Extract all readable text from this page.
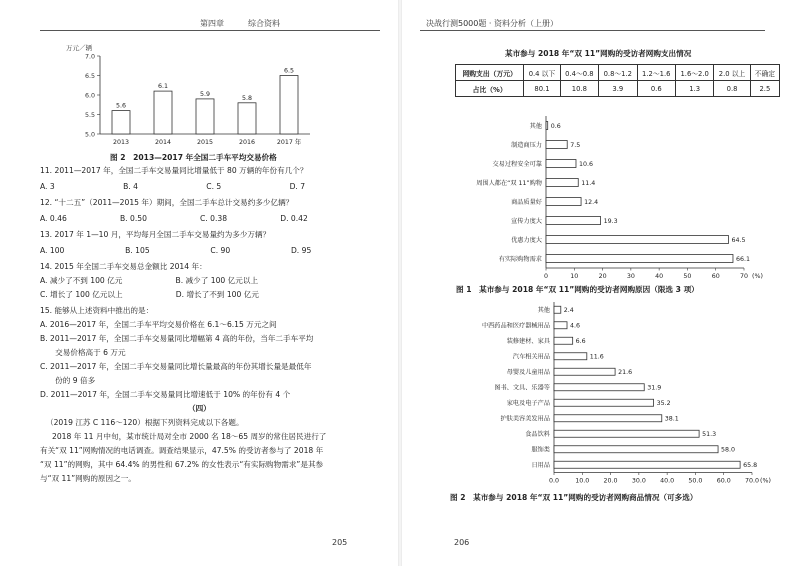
第四章	综合资料
万元／辆
7.0
6.5
6.0
5.5
5.0
5.6
2013
6.1
2014
5.9
2015
5.8
2016
6.5
2017 年
图 2　2013—2017 年全国二手车平均交易价格
11. 2011—2017 年，全国二手车交易量同比增量低于 80 万辆的年份有几个？
A. 3　　　　　　　　　B. 4　　　　　　　　　C. 5　　　　　　　　　D. 7
12. “十二五”（2011—2015 年）期间，全国二手车总计交易约多少亿辆？
A. 0.46　　　　　　　B. 0.50　　　　　　　C. 0.38　　　　　　　D. 0.42
13. 2017 年 1—10 月，平均每月全国二手车交易量约为多少万辆？
A. 100　　　　　　　　B. 105　　　　　　　　C. 90　　　　　　　　D. 95
14. 2015 年全国二手车交易总金额比 2014 年：
A. 减少了不到 100 亿元　　　　　　　B. 减少了 100 亿元以上
C. 增长了 100 亿元以上　　　　　　　D. 增长了不到 100 亿元
15. 能够从上述资料中推出的是：
A. 2016—2017 年，全国二手车平均交易价格在 6.1～6.15 万元之间
B. 2011—2017 年，全国二手车交易量同比增幅第 4 高的年份，当年二手车平均
　　交易价格高于 6 万元
C. 2011—2017 年，全国二手车交易量同比增长量最高的年份其增长量是最低年
　　份的 9 倍多
D. 2011—2017 年，全国二手车交易量同比增速低于 10% 的年份有 4 个
（四）
（2019 江苏 C 116～120）根据下列资料完成以下各题。
2018 年 11 月中旬，某市统计局对全市 2000 名 18～65 周岁的常住居民进行了
有关“双 11”网购情况的电话调查。调查结果显示，47.5% 的受访者参与了 2018 年
“双 11”的网购，其中 64.4% 的男性和 67.2% 的女性表示“有实际购物需求”是其参
与“双 11”网购的原因之一。
205
决战行测5000题 · 资料分析（上册）
某市参与 2018 年“双 11”网购的受访者网购支出情况
网购支出（万元）	0.4 以下	0.4～0.8	0.8～1.2	1.2～1.6	1.6～2.0	2.0 以上	不确定
占比（%）	80.1	10.8	3.9	0.6	1.3	0.8	2.5
0	10	20	30	40	50	60	70 (%)
0.6
其他
7.5
制造商压力
10.6
交易过程安全可靠
11.4
周围人都在“双 11”购物
12.4
商品质量好
19.3
宣传力度大
64.5
优惠力度大
66.1
有实际购物需求
图 1　某市参与 2018 年“双 11”网购的受访者网购原因（限选 3 项）
0.0	10.0 20.0 30.0 40.0 50.0 60.0 70.0 (%)
2.4
其他
4.6
中西药品和医疗器械用品
6.6
装修建材、家具
11.6
汽车相关用品
21.6
母婴及儿童用品
31.9
图书、文具、乐器等
35.2
家电及电子产品
38.1
护肤美容美发用品
51.3
食品饮料
58.0
服饰类
65.8
日用品
图 2　某市参与 2018 年“双 11”网购的受访者网购商品情况（可多选）
206
